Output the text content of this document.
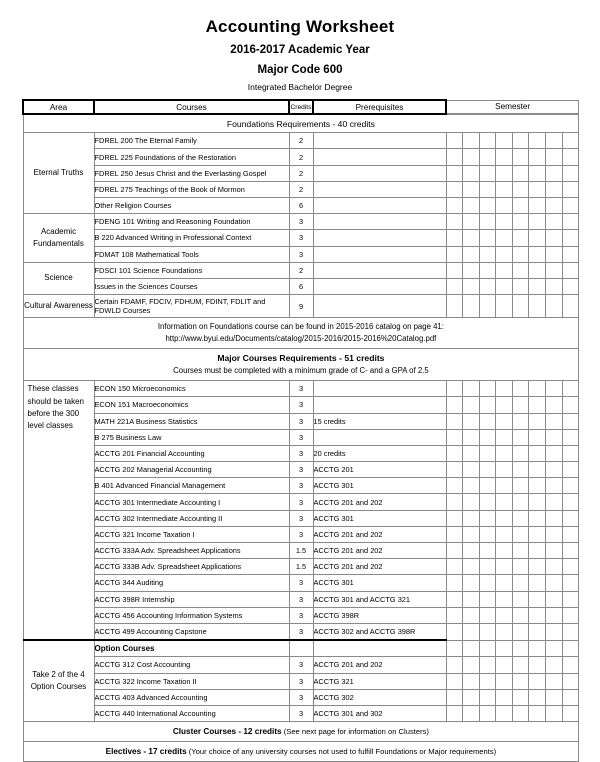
Accounting Worksheet
2016-2017 Academic Year
Major Code 600
Integrated Bachelor Degree
Area	Courses	Credits	Prerequisites	Semester							

Foundations Requirements - 40 credits											
Eternal Truths	FDREL 200 The Eternal Family	2									
	FDREL 225 Foundations of the Restoration	2									
	FDREL 250 Jesus Christ and the Everlasting Gospel	2									
	FDREL 275 Teachings of the Book of Mormon	2									
	Other Religion Courses	6									
Academic Fundamentals	FDENG 101 Writing and Reasoning Foundation	3									
	B 220 Advanced Writing in Professional Context	3									
	FDMAT 108 Mathematical Tools	3									
Science	FDSCI 101 Science Foundations	2									
	Issues in the Sciences Courses	6									
Cultural Awareness	Certain FDAMF, FDCIV, FDHUM, FDINT, FDLIT and FDWLD Courses	9									

Information on Foundations course can be found in 2015-2016 catalog on page 41:
http://www.byui.edu/Documents/catalog/2015-2016/2015-2016%20Catalog.pdf											

Major Courses Requirements - 51 credits
Courses must be completed with a minimum grade of C- and a GPA of 2.5											

These classes should be taken before the 300 level classes	ECON 150 Microeconomics	3									
	ECON 151 Macroeconomics	3									
	MATH 221A Business Statistics	3	15 credits								
	B 275 Business Law	3									
	ACCTG 201 Financial Accounting	3	20 credits								
	ACCTG 202 Managerial Accounting	3	ACCTG 201								
	B 401 Advanced Financial Management	3	ACCTG 301								
	ACCTG 301 Intermediate Accounting I	3	ACCTG 201 and 202								
	ACCTG 302 Intermediate Accounting II	3	ACCTG 301								
	ACCTG 321 Income Taxation I	3	ACCTG 201 and 202								
	ACCTG 333A Adv. Spreadsheet Applications	1.5	ACCTG 201 and 202								
	ACCTG 333B Adv. Spreadsheet Applications	1.5	ACCTG 201 and 202								
	ACCTG 344 Auditing	3	ACCTG 301								
	ACCTG 398R Internship	3	ACCTG 301 and ACCTG 321								
	ACCTG 456 Accounting Information Systems	3	ACCTG 398R								
	ACCTG 499 Accounting Capstone	3	ACCTG 302 and ACCTG 398R								
Take 2 of the 4 Option Courses	Option Courses										
	ACCTG 312 Cost Accounting	3	ACCTG 201 and 202								
	ACCTG 322 Income Taxation II	3	ACCTG 321								
	ACCTG 403 Advanced Accounting	3	ACCTG 302								
	ACCTG 440 International Accounting	3	ACCTG 301 and 302								
Cluster Courses - 12 credits (See next page for information on Clusters)											
Electives - 17 credits (Your choice of any university courses not used to fulfill Foundations or Major requirements)											
